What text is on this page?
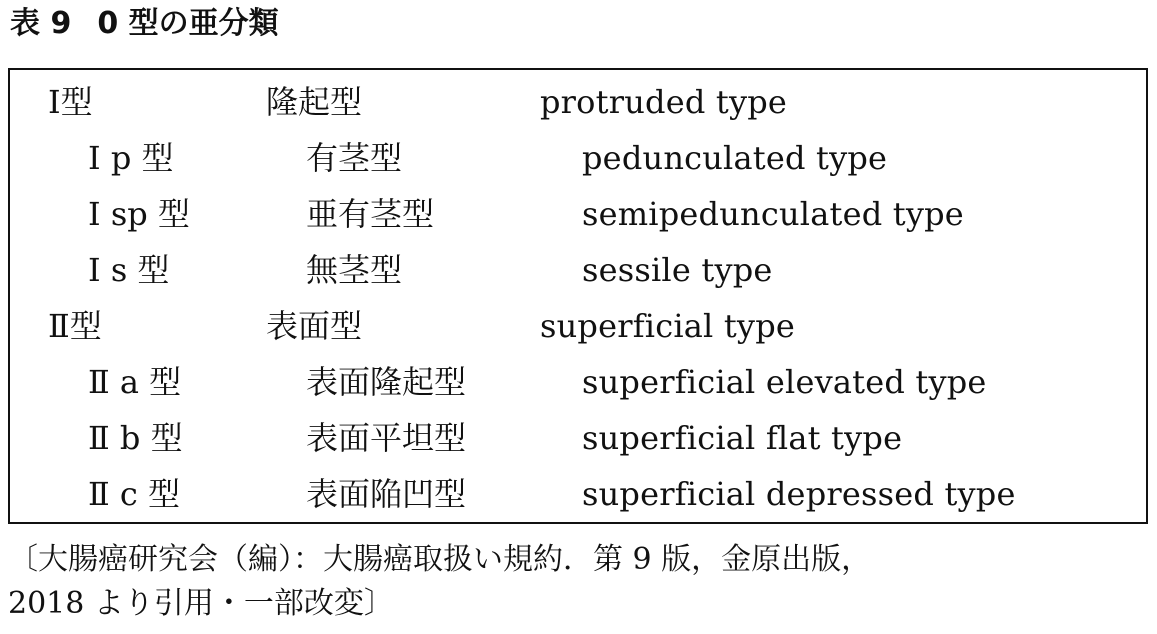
表 9 0 型の亜分類
Ⅰ型	隆起型	protruded type
Ⅰ p 型	有茎型	pedunculated type
Ⅰ sp 型	亜有茎型	semipedunculated type
Ⅰ s 型	無茎型	sessile type
Ⅱ型	表面型	superficial type
Ⅱ a 型	表面隆起型	superficial elevated type
Ⅱ b 型	表面平坦型	superficial flat type
Ⅱ c 型	表面陥凹型	superficial depressed type
〔大腸癌研究会（編）：大腸癌取扱い規約．第 9 版，金原出版，
2018 より引用・一部改変〕
